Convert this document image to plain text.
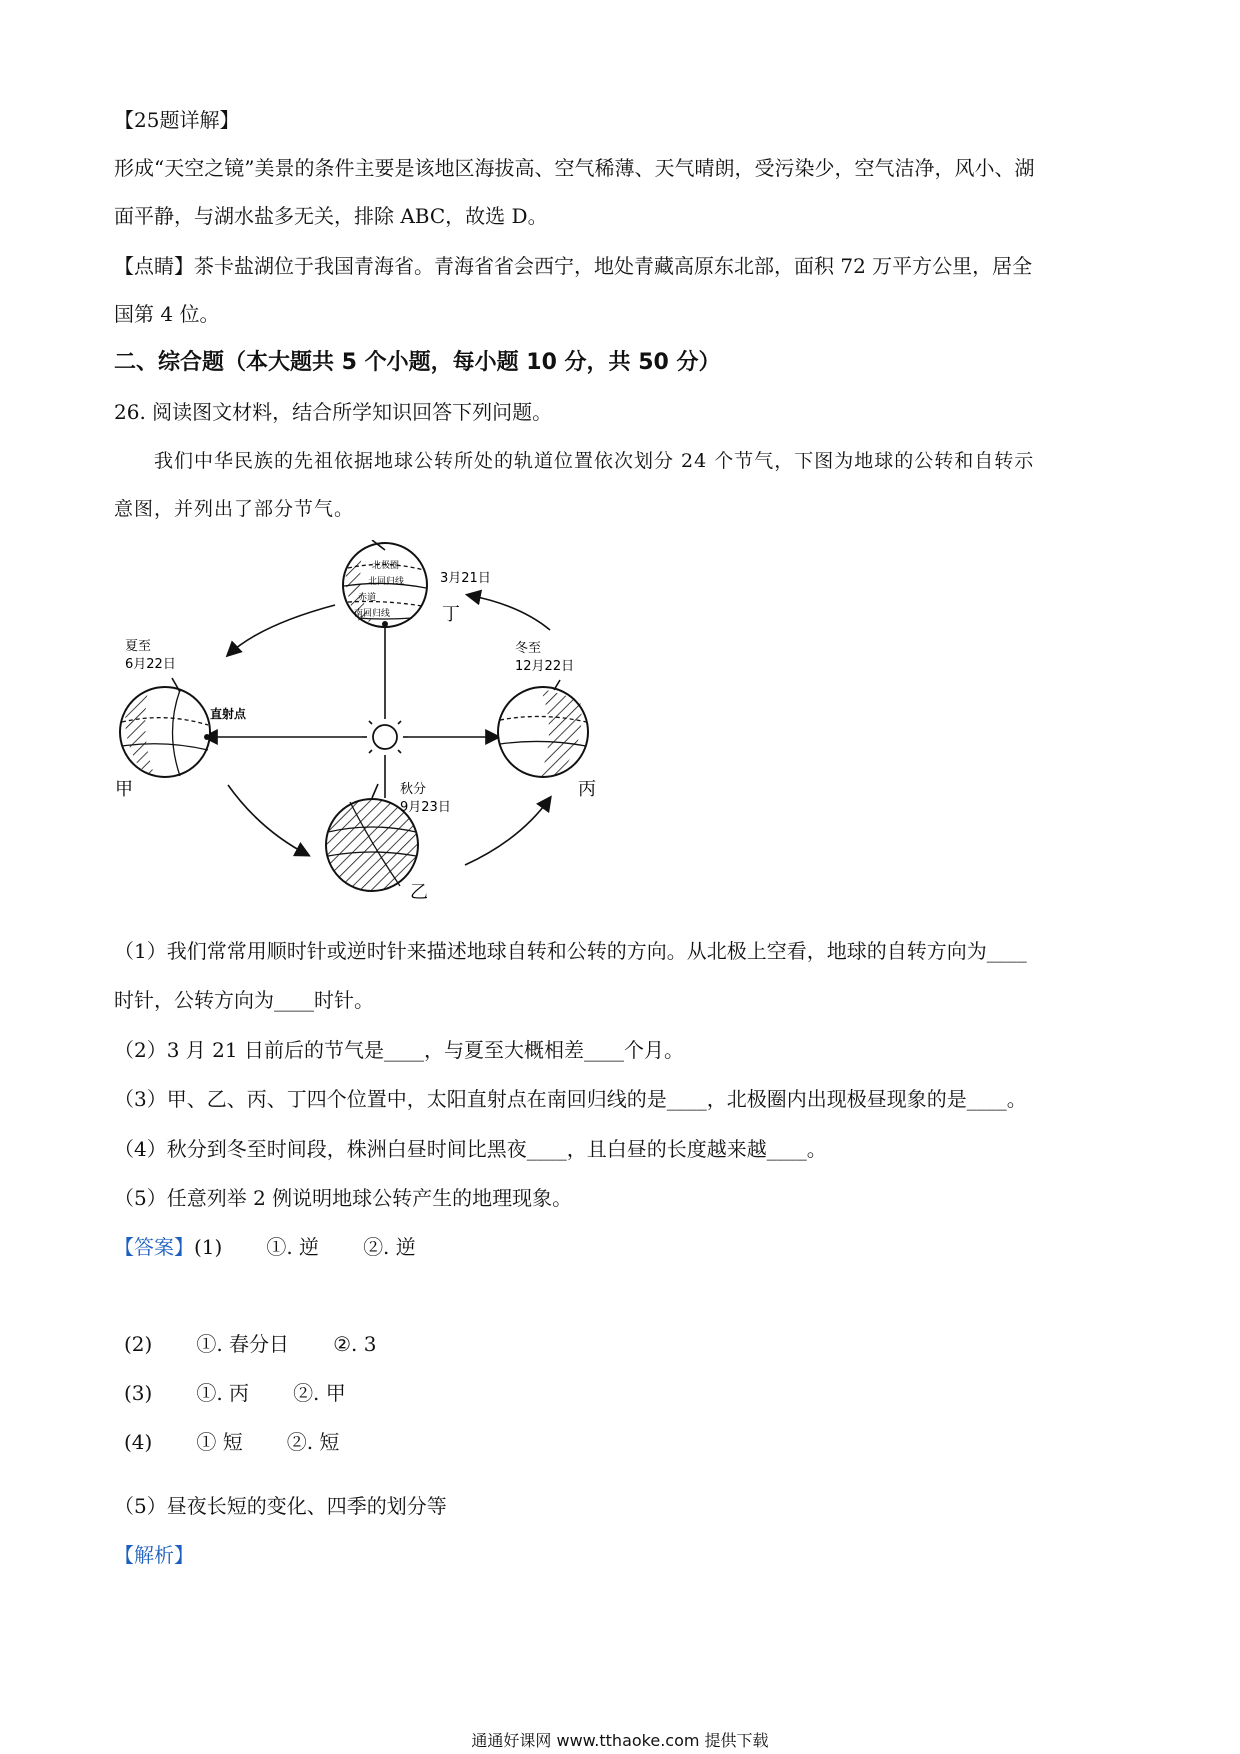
【25题详解】
形成“天空之镜”美景的条件主要是该地区海拔高、空气稀薄、天气晴朗，受污染少，空气洁净，风小、湖
面平静，与湖水盐多无关，排除 ABC，故选 D。
【点睛】茶卡盐湖位于我国青海省。青海省省会西宁，地处青藏高原东北部，面积 72 万平方公里，居全
国第 4 位。
二、综合题（本大题共 5 个小题，每小题 10 分，共 50 分）
26. 阅读图文材料，结合所学知识回答下列问题。
我们中华民族的先祖依据地球公转所处的轨道位置依次划分 24 个节气，下图为地球的公转和自转示
意图，并列出了部分节气。
北极圈
北回归线
赤道
南回归线
3月21日
丁
夏至
6月22日
直射点
甲
冬至
12月22日
丙
秋分
9月23日
乙
（1）我们常常用顺时针或逆时针来描述地球自转和公转的方向。从北极上空看，地球的自转方向为____
时针，公转方向为____时针。
（2）3 月 21 日前后的节气是____，与夏至大概相差____个月。
（3）甲、乙、丙、丁四个位置中，太阳直射点在南回归线的是____，北极圈内出现极昼现象的是____。
（4）秋分到冬至时间段，株洲白昼时间比黑夜____，且白昼的长度越来越____。
（5）任意列举 2 例说明地球公转产生的地理现象。
【答案】(1) ①. 逆 ②. 逆
(2) ①. 春分日 ②. 3
(3) ①. 丙 ②. 甲
(4) ① 短 ②. 短
（5）昼夜长短的变化、四季的划分等
【解析】
通通好课网 www.tthaoke.com 提供下载
